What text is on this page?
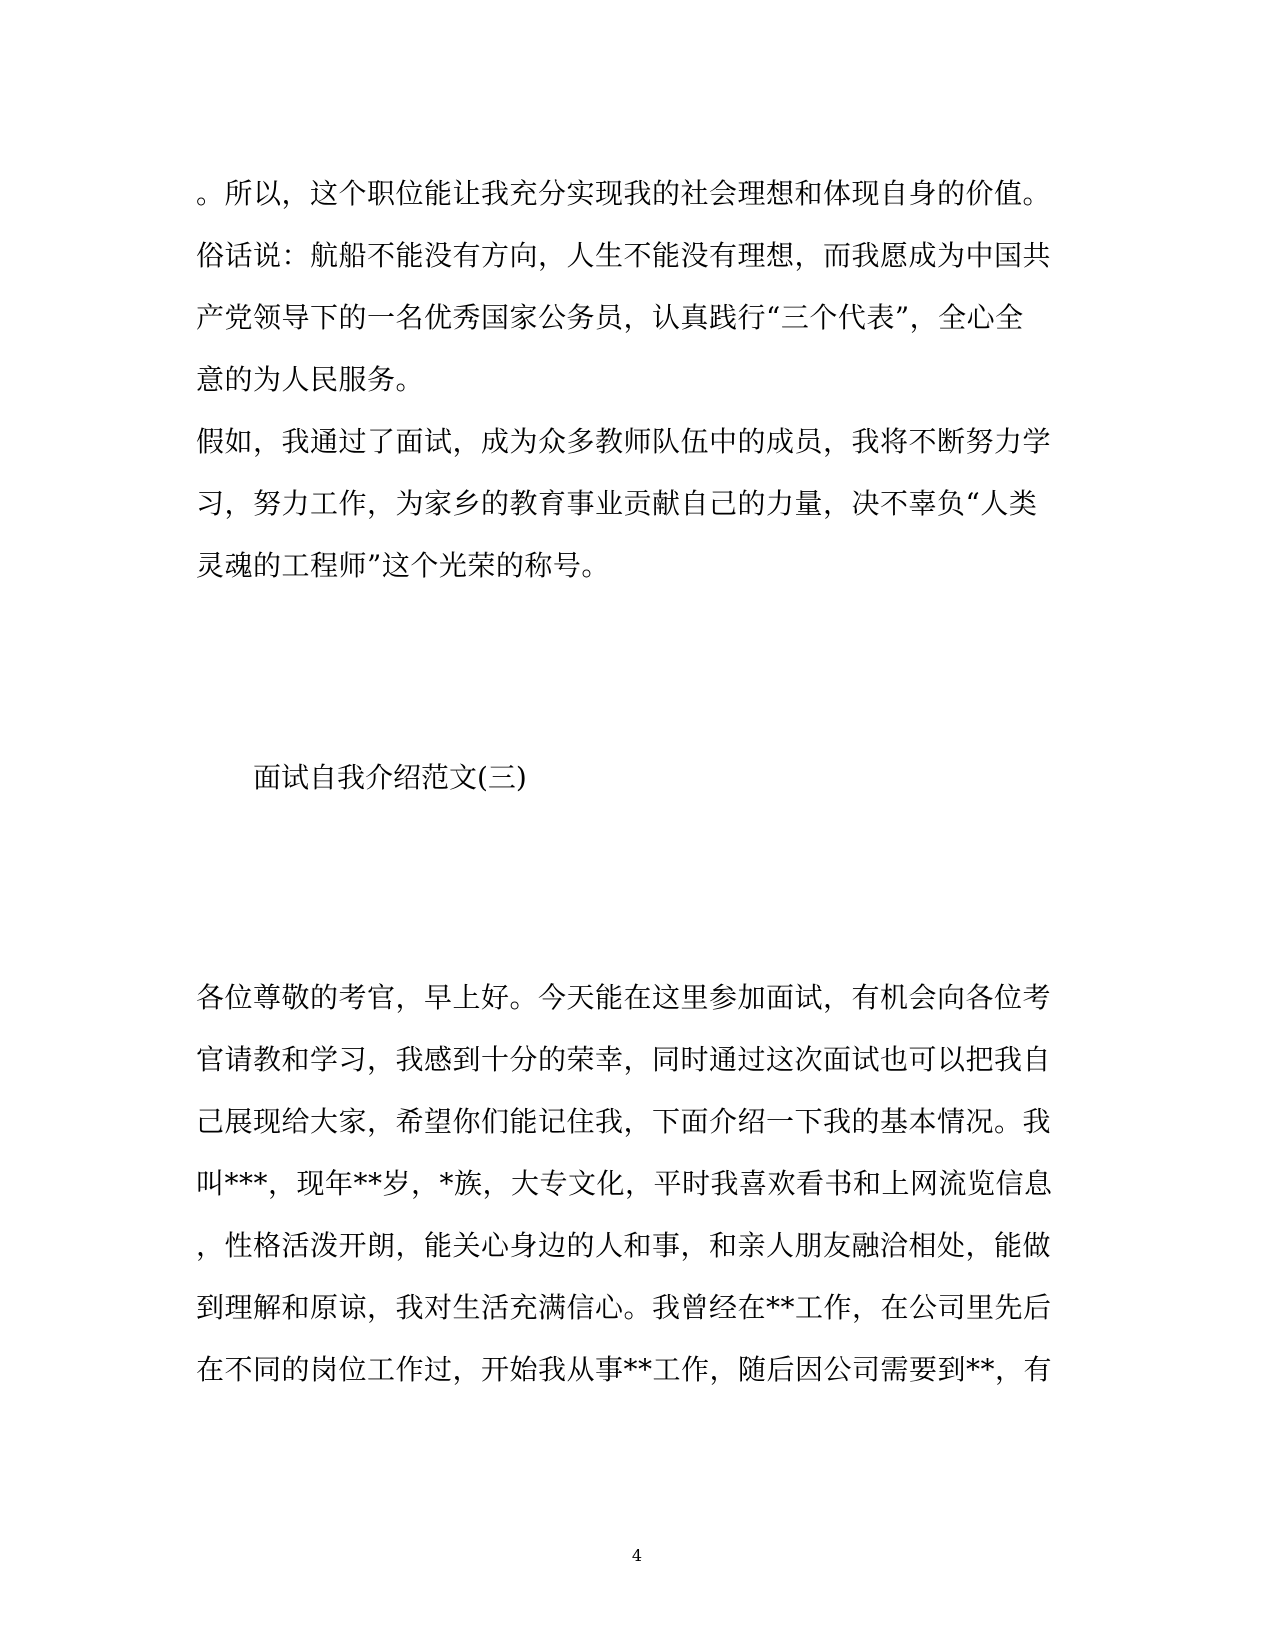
。所以，这个职位能让我充分实现我的社会理想和体现自身的价值。
俗话说：航船不能没有方向，人生不能没有理想，而我愿成为中国共
产党领导下的一名优秀国家公务员，认真践行“三个代表”，全心全
意的为人民服务。
假如，我通过了面试，成为众多教师队伍中的成员，我将不断努力学
习，努力工作，为家乡的教育事业贡献自己的力量，决不辜负“人类
灵魂的工程师”这个光荣的称号。
面试自我介绍范文(三)
各位尊敬的考官，早上好。今天能在这里参加面试，有机会向各位考
官请教和学习，我感到十分的荣幸，同时通过这次面试也可以把我自
己展现给大家，希望你们能记住我，下面介绍一下我的基本情况。我
叫***，现年**岁，*族，大专文化，平时我喜欢看书和上网流览信息
，性格活泼开朗，能关心身边的人和事，和亲人朋友融洽相处，能做
到理解和原谅，我对生活充满信心。我曾经在**工作，在公司里先后
在不同的岗位工作过，开始我从事**工作，随后因公司需要到**，有
4
